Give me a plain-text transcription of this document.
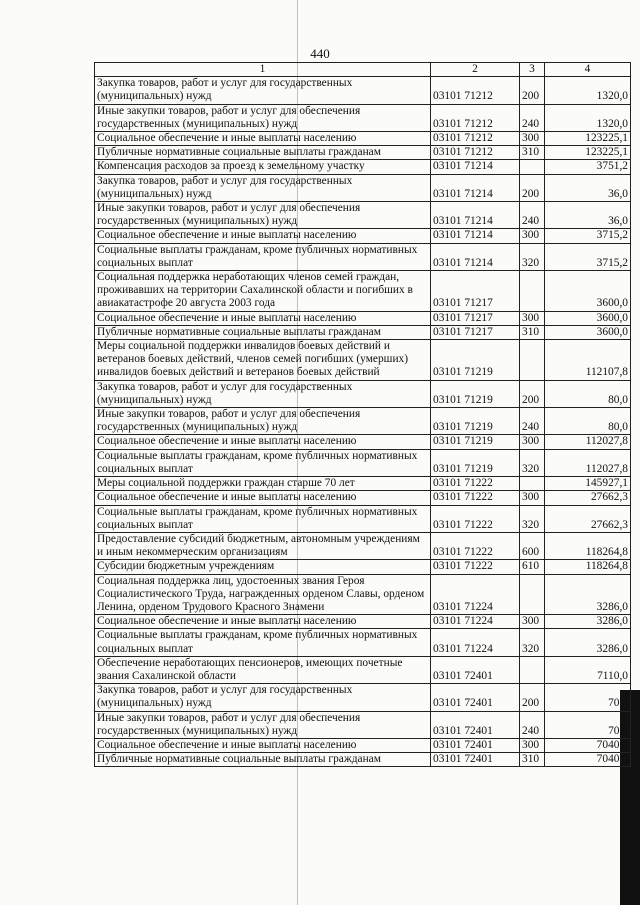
440
1	2	3	4
Закупка товаров, работ и услуг для государственных (муниципальных) нужд	03101 71212	200	1320,0
Иные закупки товаров, работ и услуг для обеспечения государственных (муниципальных) нужд	03101 71212	240	1320,0
Социальное обеспечение и иные выплаты населению	03101 71212	300	123225,1
Публичные нормативные социальные выплаты гражданам	03101 71212	310	123225,1
Компенсация расходов за проезд к земельному участку	03101 71214		3751,2
Закупка товаров, работ и услуг для государственных (муниципальных) нужд	03101 71214	200	36,0
Иные закупки товаров, работ и услуг для обеспечения государственных (муниципальных) нужд	03101 71214	240	36,0
Социальное обеспечение и иные выплаты населению	03101 71214	300	3715,2
Социальные выплаты гражданам, кроме публичных нормативных социальных выплат	03101 71214	320	3715,2
Социальная поддержка неработающих членов семей граждан, проживавших на территории Сахалинской области и погибших в авиакатастрофе 20 августа 2003 года	03101 71217		3600,0
Социальное обеспечение и иные выплаты населению	03101 71217	300	3600,0
Публичные нормативные социальные выплаты гражданам	03101 71217	310	3600,0
Меры социальной поддержки инвалидов боевых действий и ветеранов боевых действий, членов семей погибших (умерших) инвалидов боевых действий и ветеранов боевых действий	03101 71219		112107,8
Закупка товаров, работ и услуг для государственных (муниципальных) нужд	03101 71219	200	80,0
Иные закупки товаров, работ и услуг для обеспечения государственных (муниципальных) нужд	03101 71219	240	80,0
Социальное обеспечение и иные выплаты населению	03101 71219	300	112027,8
Социальные выплаты гражданам, кроме публичных нормативных социальных выплат	03101 71219	320	112027,8
Меры социальной поддержки граждан старше 70 лет	03101 71222		145927,1
Социальное обеспечение и иные выплаты населению	03101 71222	300	27662,3
Социальные выплаты гражданам, кроме публичных нормативных социальных выплат	03101 71222	320	27662,3
Предоставление субсидий бюджетным, автономным учреждениям и иным некоммерческим организациям	03101 71222	600	118264,8
Субсидии бюджетным учреждениям	03101 71222	610	118264,8
Социальная поддержка лиц, удостоенных звания Героя Социалистического Труда, награжденных орденом Славы, орденом Ленина, орденом Трудового Красного Знамени	03101 71224		3286,0
Социальное обеспечение и иные выплаты населению	03101 71224	300	3286,0
Социальные выплаты гражданам, кроме публичных нормативных социальных выплат	03101 71224	320	3286,0
Обеспечение неработающих пенсионеров, имеющих почетные звания Сахалинской области	03101 72401		7110,0
Закупка товаров, работ и услуг для государственных (муниципальных) нужд	03101 72401	200	70,0
Иные закупки товаров, работ и услуг для обеспечения государственных (муниципальных) нужд	03101 72401	240	70,0
Социальное обеспечение и иные выплаты населению	03101 72401	300	7040,0
Публичные нормативные социальные выплаты гражданам	03101 72401	310	7040,0
